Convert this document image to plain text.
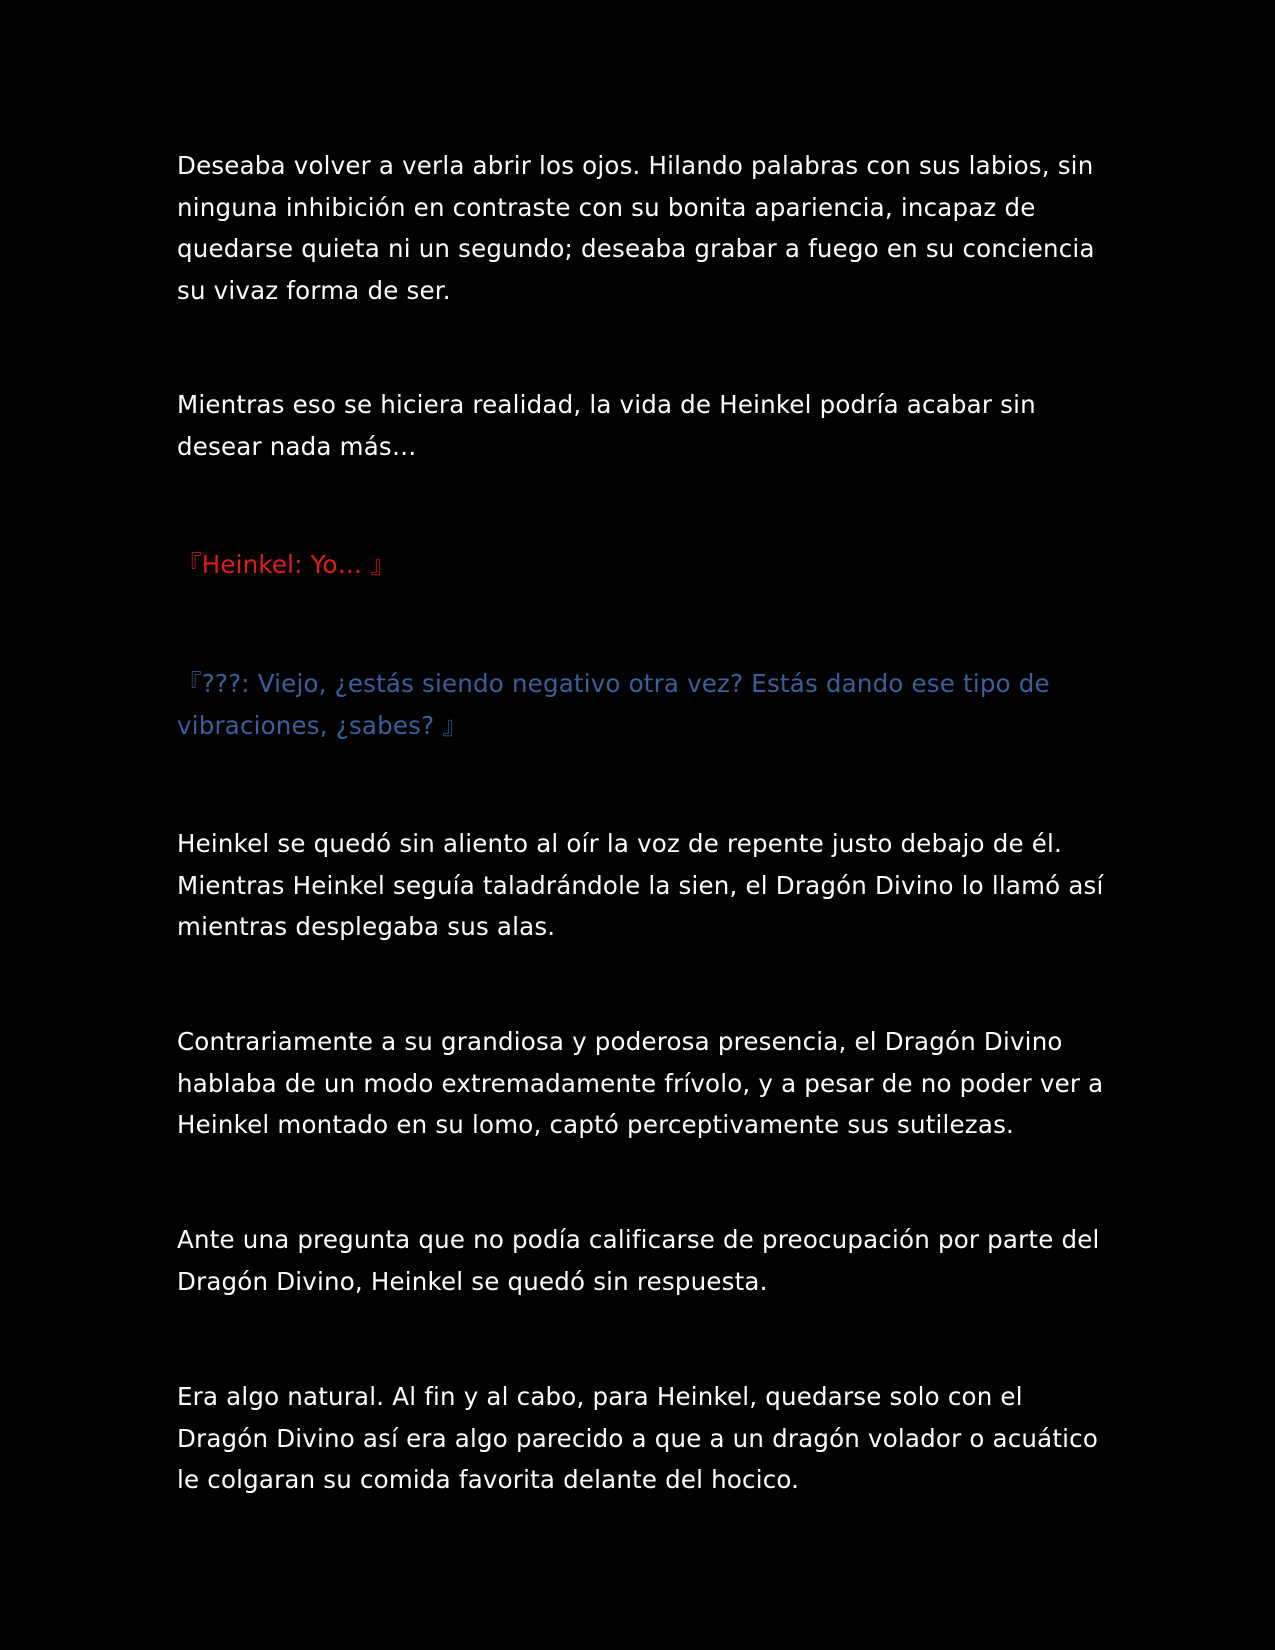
Deseaba volver a verla abrir los ojos. Hilando palabras con sus labios, sin ninguna inhibición en contraste con su bonita apariencia, incapaz de quedarse quieta ni un segundo; deseaba grabar a fuego en su conciencia su vivaz forma de ser.

Mientras eso se hiciera realidad, la vida de Heinkel podría acabar sin desear nada más…

『Heinkel: Yo… 』

『???: Viejo, ¿estás siendo negativo otra vez? Estás dando ese tipo de vibraciones, ¿sabes? 』

Heinkel se quedó sin aliento al oír la voz de repente justo debajo de él. Mientras Heinkel seguía taladrándole la sien, el Dragón Divino lo llamó así mientras desplegaba sus alas.

Contrariamente a su grandiosa y poderosa presencia, el Dragón Divino hablaba de un modo extremadamente frívolo, y a pesar de no poder ver a Heinkel montado en su lomo, captó perceptivamente sus sutilezas.

Ante una pregunta que no podía calificarse de preocupación por parte del Dragón Divino, Heinkel se quedó sin respuesta.

Era algo natural. Al fin y al cabo, para Heinkel, quedarse solo con el Dragón Divino así era algo parecido a que a un dragón volador o acuático le colgaran su comida favorita delante del hocico.
